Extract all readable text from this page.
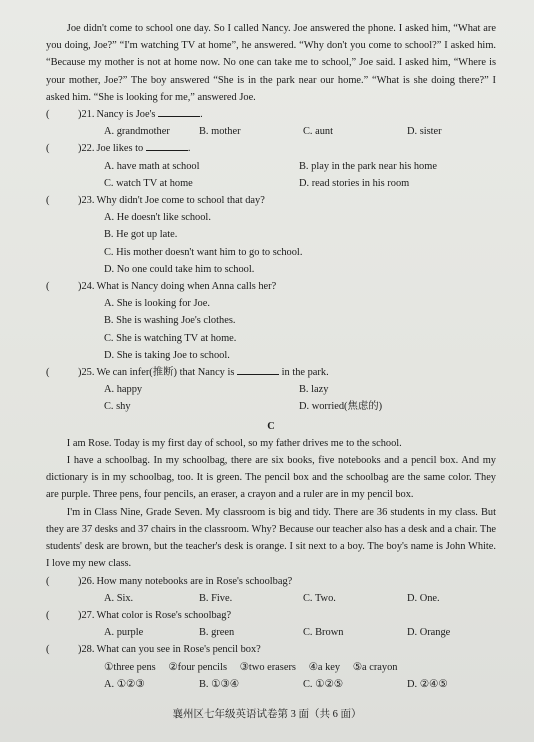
Joe didn't come to school one day. So I called Nancy. Joe answered the phone. I asked him, “What are you doing, Joe?” “I'm watching TV at home”, he answered. “Why don't you come to school?” I asked him. “Because my mother is not at home now. No one can take me to school,” Joe said. I asked him, “Where is your mother, Joe?” The boy answered “She is in the park near our home.” “What is she doing there?” I asked him. “She is looking for me,” answered Joe.

(	)21. Nancy is Joe's	.
A. grandmother	B. mother	C. aunt	D. sister
(	)22. Joe likes to	.
A. have math at school	B. play in the park near his home
C. watch TV at home	D. read stories in his room
(	)23. Why didn't Joe come to school that day?
A. He doesn't like school.
B. He got up late.
C. His mother doesn't want him to go to school.
D. No one could take him to school.
(	)24. What is Nancy doing when Anna calls her?
A. She is looking for Joe.
B. She is washing Joe's clothes.
C. She is watching TV at home.
D. She is taking Joe to school.
(	)25. We can infer(推断) that Nancy is	in the park.
A. happy	B. lazy
C. shy	D. worried(焦虑的)

C

I am Rose. Today is my first day of school, so my father drives me to the school.

I have a schoolbag. In my schoolbag, there are six books, five notebooks and a pencil box. And my dictionary is in my schoolbag, too. It is green. The pencil box and the schoolbag are the same color. They are purple. Three pens, four pencils, an eraser, a crayon and a ruler are in my pencil box.

I'm in Class Nine, Grade Seven. My classroom is big and tidy. There are 36 students in my class. But they are 37 desks and 37 chairs in the classroom. Why? Because our teacher also has a desk and a chair. The students' desk are brown, but the teacher's desk is orange. I sit next to a boy. The boy's name is John White. I love my new class.

(	)26. How many notebooks are in Rose's schoolbag?
A. Six.	B. Five.	C. Two.	D. One.
(	)27. What color is Rose's schoolbag?
A. purple	B. green	C. Brown	D. Orange
(	)28. What can you see in Rose's pencil box?
①three pens ②four pencils ③two erasers ④a key ⑤a crayon
A. ①②③	B. ①③④	C. ①②⑤	D. ②④⑤
襄州区七年级英语试卷第 3 面（共 6 面）
